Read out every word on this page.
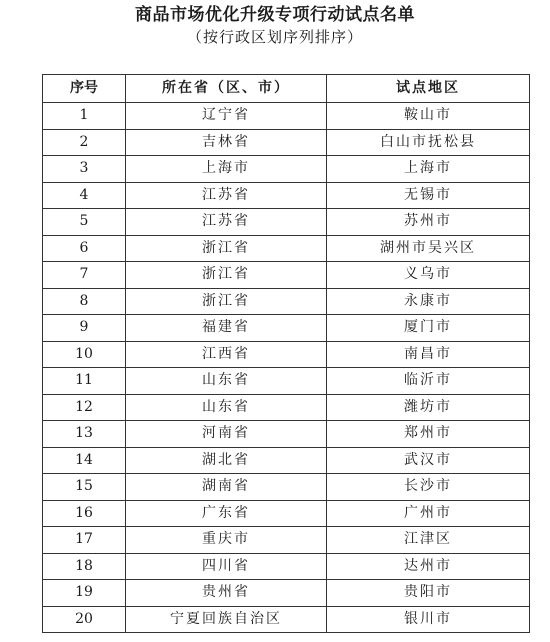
商品市场优化升级专项行动试点名单
（按行政区划序列排序）
序号	所在省（区、市）	试点地区
1	辽宁省	鞍山市
2	吉林省	白山市抚松县
3	上海市	上海市
4	江苏省	无锡市
5	江苏省	苏州市
6	浙江省	湖州市吴兴区
7	浙江省	义乌市
8	浙江省	永康市
9	福建省	厦门市
10	江西省	南昌市
11	山东省	临沂市
12	山东省	潍坊市
13	河南省	郑州市
14	湖北省	武汉市
15	湖南省	长沙市
16	广东省	广州市
17	重庆市	江津区
18	四川省	达州市
19	贵州省	贵阳市
20	宁夏回族自治区	银川市
